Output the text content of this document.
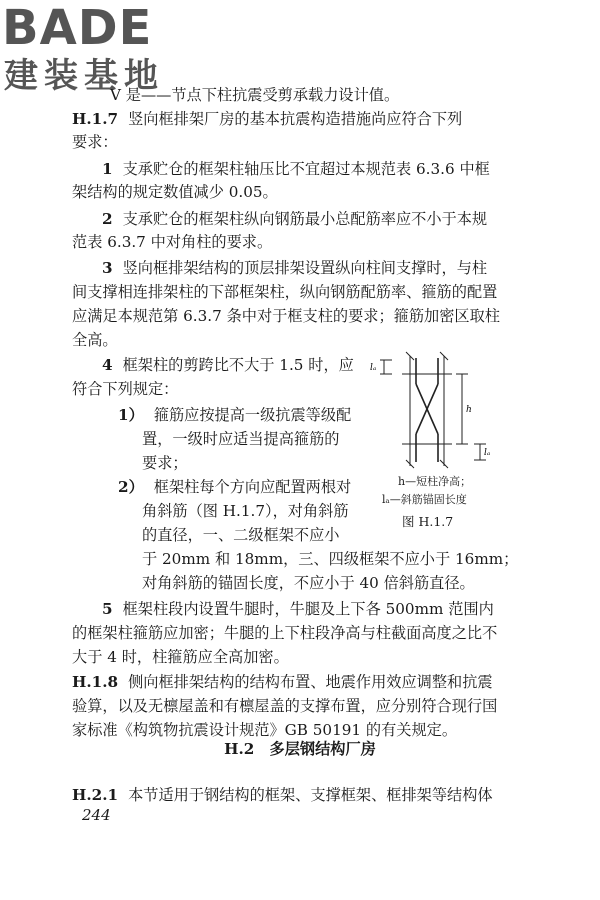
BADE
建装基地
V 是——节点下柱抗震受剪承载力设计值。
H.1.7 竖向框排架厂房的基本抗震构造措施尚应符合下列
要求：
1 支承贮仓的框架柱轴压比不宜超过本规范表 6.3.6 中框
架结构的规定数值减少 0.05。
2 支承贮仓的框架柱纵向钢筋最小总配筋率应不小于本规
范表 6.3.7 中对角柱的要求。
3 竖向框排架结构的顶层排架设置纵向柱间支撑时，与柱
间支撑相连排架柱的下部框架柱，纵向钢筋配筋率、箍筋的配置
应满足本规范第 6.3.7 条中对于框支柱的要求；箍筋加密区取柱
全高。
4 框架柱的剪跨比不大于 1.5 时，应
符合下列规定：
1） 箍筋应按提高一级抗震等级配
置，一级时应适当提高箍筋的
要求；
2） 框架柱每个方向应配置两根对
角斜筋（图 H.1.7），对角斜筋
的直径，一、二级框架不应小
于 20mm 和 18mm，三、四级框架不应小于 16mm；
对角斜筋的锚固长度，不应小于 40 倍斜筋直径。
5 框架柱段内设置牛腿时，牛腿及上下各 500mm 范围内
的框架柱箍筋应加密；牛腿的上下柱段净高与柱截面高度之比不
大于 4 时，柱箍筋应全高加密。
H.1.8 侧向框排架结构的结构布置、地震作用效应调整和抗震
验算，以及无檩屋盖和有檩屋盖的支撑布置，应分别符合现行国
家标准《构筑物抗震设计规范》GB 50191 的有关规定。
H.2.1 本节适用于钢结构的框架、支撑框架、框排架等结构体
H.2　多层钢结构厂房
lₐ
h
lₐ
h—短柱净高；
lₐ—斜筋锚固长度
图 H.1.7
244
